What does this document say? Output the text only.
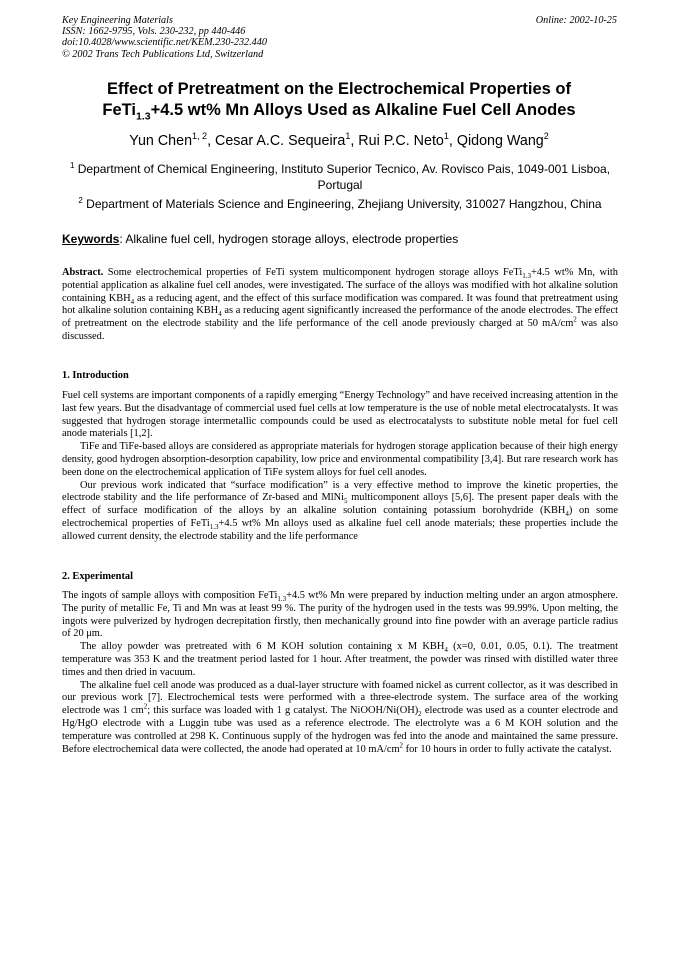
Key Engineering Materials
ISSN: 1662-9795, Vols. 230-232, pp 440-446
doi:10.4028/www.scientific.net/KEM.230-232.440
© 2002 Trans Tech Publications Ltd, Switzerland
Online: 2002-10-25
Effect of Pretreatment on the Electrochemical Properties of
FeTi$_{1.3}$+4.5 wt% Mn Alloys Used as Alkaline Fuel Cell Anodes
Yun Chen$^{1, 2}$, Cesar A.C. Sequeira$^1$, Rui P.C. Neto$^1$, Qidong Wang$^2$
$^1$ Department of Chemical Engineering, Instituto Superior Tecnico, Av. Rovisco Pais, 1049-001 Lisboa, Portugal
$^2$ Department of Materials Science and Engineering, Zhejiang University, 310027 Hangzhou, China
Keywords: Alkaline fuel cell, hydrogen storage alloys, electrode properties
Abstract. Some electrochemical properties of FeTi system multicomponent hydrogen storage alloys FeTi$_{1.3}$+4.5 wt% Mn, with potential application as alkaline fuel cell anodes, were investigated. The surface of the alloys was modified with hot alkaline solution containing $KBH_4$ as a reducing agent, and the effect of this surface modification was compared. It was found that pretreatment using hot alkaline solution containing $KBH_4$ as a reducing agent significantly increased the performance of the anode electrodes. The effect of pretreatment on the electrode stability and the life performance of the cell anode previously charged at 50 $mA/cm^2$ was also discussed.
1. Introduction

Fuel cell systems are important components of a rapidly emerging “Energy Technology” and have received increasing attention in the last few years. But the disadvantage of commercial used fuel cells at low temperature is the use of noble metal electrocatalysts. It was suggested that hydrogen storage intermetallic compounds could be used as electrocatalysts to substitute noble metal for fuel cell anode materials [1,2].

TiFe and TiFe-based alloys are considered as appropriate materials for hydrogen storage application because of their high energy density, good hydrogen absorption-desorption capability, low price and environmental compatibility [3,4]. But rare research work has been done on the electrochemical application of TiFe system alloys for fuel cell anodes.

Our previous work indicated that “surface modification” is a very effective method to improve the kinetic properties, the electrode stability and the life performance of Zr-based and MlNi$_5$ multicomponent alloys [5,6]. The present paper deals with the effect of surface modification of the alloys by an alkaline solution containing potassium borohydride $(KBH_4)$ on some electrochemical properties of FeTi$_{1.3}$+4.5 wt% Mn alloys used as alkaline fuel cell anode materials; these properties include the allowed current density, the electrode stability and the life performance

2. Experimental

The ingots of sample alloys with composition FeTi$_{1.3}$+4.5 wt% Mn were prepared by induction melting under an argon atmosphere. The purity of metallic Fe, Ti and Mn was at least 99 %. The purity of the hydrogen used in the tests was 99.99%. Upon melting, the ingots were pulverized by hydrogen decrepitation firstly, then mechanically ground into fine powder with an average particle radius of 20 μm.

The alloy powder was pretreated with 6 M KOH solution containing x M $KBH_4$ (x=0, 0.01, 0.05, 0.1). The treatment temperature was 353 K and the treatment period lasted for 1 hour. After treatment, the powder was rinsed with distilled water three times and then dried in vacuum.

The alkaline fuel cell anode was produced as a dual-layer structure with foamed nickel as current collector, as it was described in our previous work [7]. Electrochemical tests were performed with a three-electrode system. The surface area of the working electrode was 1 $cm^2$; this surface was loaded with 1 g catalyst. The NiOOH/$Ni(OH)_2$ electrode was used as a counter electrode and Hg/HgO electrode with a Luggin tube was used as a reference electrode. The electrolyte was a 6 M KOH solution and the temperature was controlled at 298 K. Continuous supply of the hydrogen was fed into the anode and maintained the same pressure. Before electrochemical data were collected, the anode had operated at 10 $mA/cm^2$ for 10 hours in order to fully activate the catalyst.
